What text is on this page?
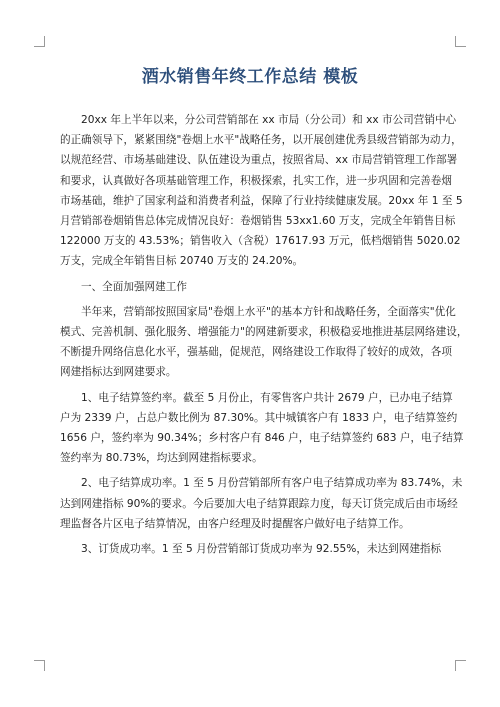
酒水销售年终工作总结 模板

20xx 年上半年以来，分公司营销部在 xx 市局（分公司）和 xx 市公司营销中心
的正确领导下，紧紧围绕"卷烟上水平"战略任务，以开展创建优秀县级营销部为动力，
以规范经营、市场基础建设、队伍建设为重点，按照省局、xx 市局营销管理工作部署
和要求，认真做好各项基础管理工作，积极探索，扎实工作，进一步巩固和完善卷烟
市场基础，维护了国家利益和消费者利益，保障了行业持续健康发展。20xx 年 1 至 5
月营销部卷烟销售总体完成情况良好：卷烟销售 53xx1.60 万支，完成全年销售目标
122000 万支的 43.53%；销售收入（含税）17617.93 万元，低档烟销售 5020.02
万支，完成全年销售目标 20740 万支的 24.20%。

一、全面加强网建工作

半年来，营销部按照国家局"卷烟上水平"的基本方针和战略任务，全面落实"优化
模式、完善机制、强化服务、增强能力"的网建新要求，积极稳妥地推进基层网络建设，
不断提升网络信息化水平，强基础，促规范，网络建设工作取得了较好的成效，各项
网建指标达到网建要求。

1、电子结算签约率。截至 5 月份止，有零售客户共计 2679 户，已办电子结算
户为 2339 户，占总户数比例为 87.30%。其中城镇客户有 1833 户，电子结算签约
1656 户，签约率为 90.34%；乡村客户有 846 户，电子结算签约 683 户，电子结算
签约率为 80.73%，均达到网建指标要求。

2、电子结算成功率。1 至 5 月份营销部所有客户电子结算成功率为 83.74%，未
达到网建指标 90%的要求。今后要加大电子结算跟踪力度，每天订货完成后由市场经
理监督各片区电子结算情况，由客户经理及时提醒客户做好电子结算工作。

3、订货成功率。1 至 5 月份营销部订货成功率为 92.55%，未达到网建指标
